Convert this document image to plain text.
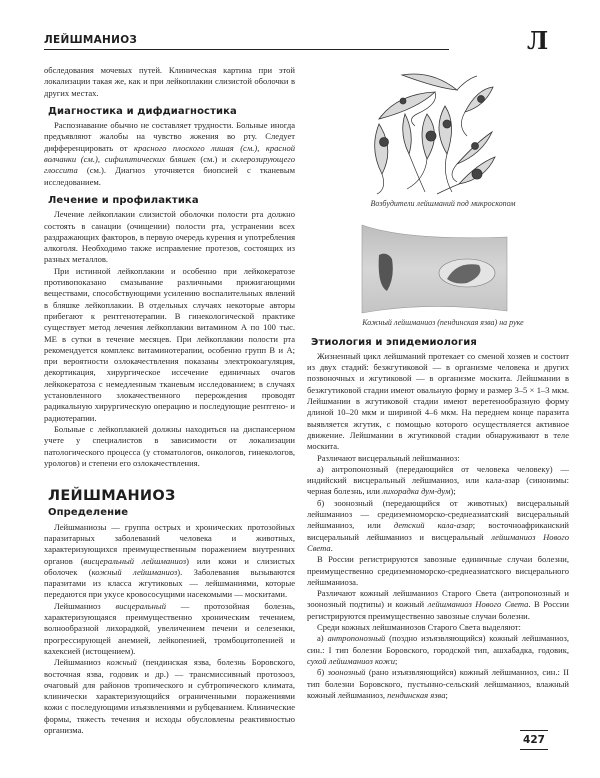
ЛЕЙШМАНИОЗ	Л

обследования мочевых путей. Клиническая картина при этой локализации такая же, как и при лейкоплакии слизистой оболочки в других местах.

Диагностика и дифдиагностика

Распознавание обычно не составляет трудности. Больные иногда предъявляют жалобы на чувство жжения во рту. Следует дифференцировать от красного плоского лишая (см.), красной волчанки (см.), сифилитических бляшек (см.) и склерозирующего глоссита (см.). Диагноз уточняется биопсией с тканевым исследованием.

Лечение и профилактика

Лечение лейкоплакии слизистой оболочки полости рта должно состоять в санации (очищении) полости рта, устранении всех раздражающих факторов, в первую очередь курения и употребления алкоголя. Необходимо также исправление протезов, состоящих из разных металлов.

При истинной лейкоплакии и особенно при лейкокератозе противопоказано смазывание различными прижигающими веществами, способствующими усилению воспалительных явлений в бляшке лейкоплакии. В отдельных случаях некоторые авторы прибегают к рентгенотерапии. В гинекологической практике существует метод лечения лейкоплакии витамином А по 100 тыс. МЕ в сутки в течение месяцев. При лейкоплакии полости рта рекомендуется комплекс витаминотерапии, особенно групп В и А; при вероятности озлокачествления показаны электрокоагуляция, декортикация, хирургическое иссечение единичных очагов лейкокератоза с немедленным тканевым исследованием; в случаях установленного злокачественного перерождения проводят радикальную хирургическую операцию и последующие рентгено- и радиотерапии.

Больные с лейкоплакией должны находиться на диспансерном учете у специалистов в зависимости от локализации патологического процесса (у стоматологов, онкологов, гинекологов, урологов) и степени его озлокачествления.

ЛЕЙШМАНИОЗ
Определение

Лейшманиозы — группа острых и хронических протозойных паразитарных заболеваний человека и животных, характеризующихся преимущественным поражением внутренних органов (висцеральный лейшманиоз) или кожи и слизистых оболочек (кожный лейшманиоз). Заболевания вызываются паразитами из класса жгутиковых — лейшманиями, которые передаются при укусе кровососущими насекомыми — москитами.

Лейшманиоз висцеральный — протозойная болезнь, характеризующаяся преимущественно хроническим течением, волнообразной лихорадкой, увеличением печени и селезенки, прогрессирующей анемией, лейкопенией, тромбоцитопенией и кахексией (истощением).

Лейшманиоз кожный (пендинская язва, болезнь Боровского, восточная язва, годовик и др.) — трансмиссивный протозооз, очаговый для районов тропического и субтропического климата, клинически характеризующийся ограниченными поражениями кожи с последующими изъязвлениями и рубцеванием. Клинические формы, тяжесть течения и исходы обусловлены реактивностью организма.

Возбудители лейшманий под микроскопом

Кожный лейшманиоз (пендинская язва) на руке

Этиология и эпидемиология

Жизненный цикл лейшманий протекает со сменой хозяев и состоит из двух стадий: безжгутиковой — в организме человека и других позвоночных и жгутиковой — в организме москита. Лейшмании в безжгутиковой стадии имеют овальную форму и размер 3–5 × 1–3 мкм. Лейшмании в жгутиковой стадии имеют веретенообразную форму длиной 10–20 мкм и шириной 4–6 мкм. На переднем конце паразита выявляется жгутик, с помощью которого осуществляется активное движение. Лейшмании в жгутиковой стадии обнаруживают в теле москита.

Различают висцеральный лейшманиоз:

а) антропонозный (передающийся от человека человеку) — индийский висцеральный лейшманиоз, или кала-азар (синонимы: черная болезнь, или лихорадка дум-дум);

б) зоонозный (передающийся от животных) висцеральный лейшманиоз — средиземноморско-среднеазиатский висцеральный лейшманиоз, или детский кала-азар; восточноафриканский висцеральный лейшманиоз и висцеральный лейшманиоз Нового Света.

В России регистрируются завозные единичные случаи болезни, преимущественно средиземноморско-среднеазиатского висцерального лейшманиоза.

Различают кожный лейшманиоз Старого Света (антропонозный и зоонозный подтипы) и кожный лейшманиоз Нового Света. В России регистрируются преимущественно завозные случаи болезни.

Среди кожных лейшманиозов Старого Света выделяют:

а) антропонозный (поздно изъязвляющийся) кожный лейшманиоз, син.: I тип болезни Боровского, городской тип, ашхабадка, годовик, сухой лейшманиоз кожи;

б) зоонозный (рано изъязвляющийся) кожный лейшманиоз, син.: II тип болезни Боровского, пустынно-сельский лейшманиоз, влажный кожный лейшманиоз, пендинская язва;

427
